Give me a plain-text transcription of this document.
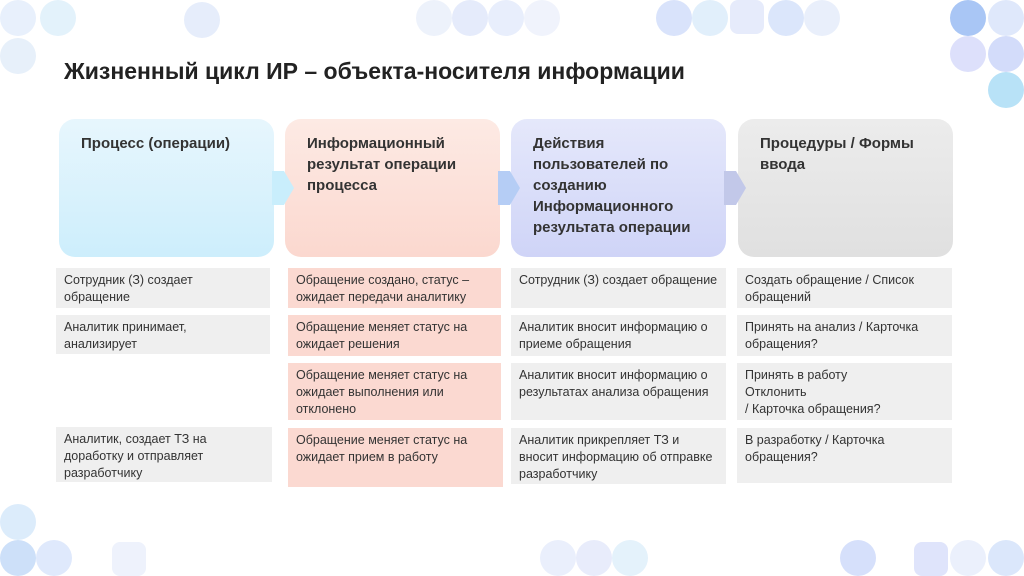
Жизненный цикл ИР – объекта-носителя информации
Процесс (операции)	Информационный результат операции процесса
Действия пользователей по созданию Информационного результата операции
Процедуры / Формы ввода
Сотрудник (З) создает обращение
Аналитик принимает, анализирует
Аналитик, создает ТЗ на доработку и отправляет разработчику
Обращение создано, статус – ожидает передачи аналитику
Обращение меняет статус на ожидает решения
Обращение меняет статус на ожидает выполнения или отклонено
Обращение меняет статус на ожидает прием в работу
Сотрудник (З) создает обращение
Аналитик вносит информацию о приеме обращения
Аналитик вносит информацию о результатах анализа обращения
Аналитик прикрепляет ТЗ и вносит информацию об отправке разработчику
Создать обращение / Список обращений
Принять на анализ / Карточка обращения?
Принять в работу
Отклонить
/ Карточка обращения?
В разработку / Карточка обращения?
